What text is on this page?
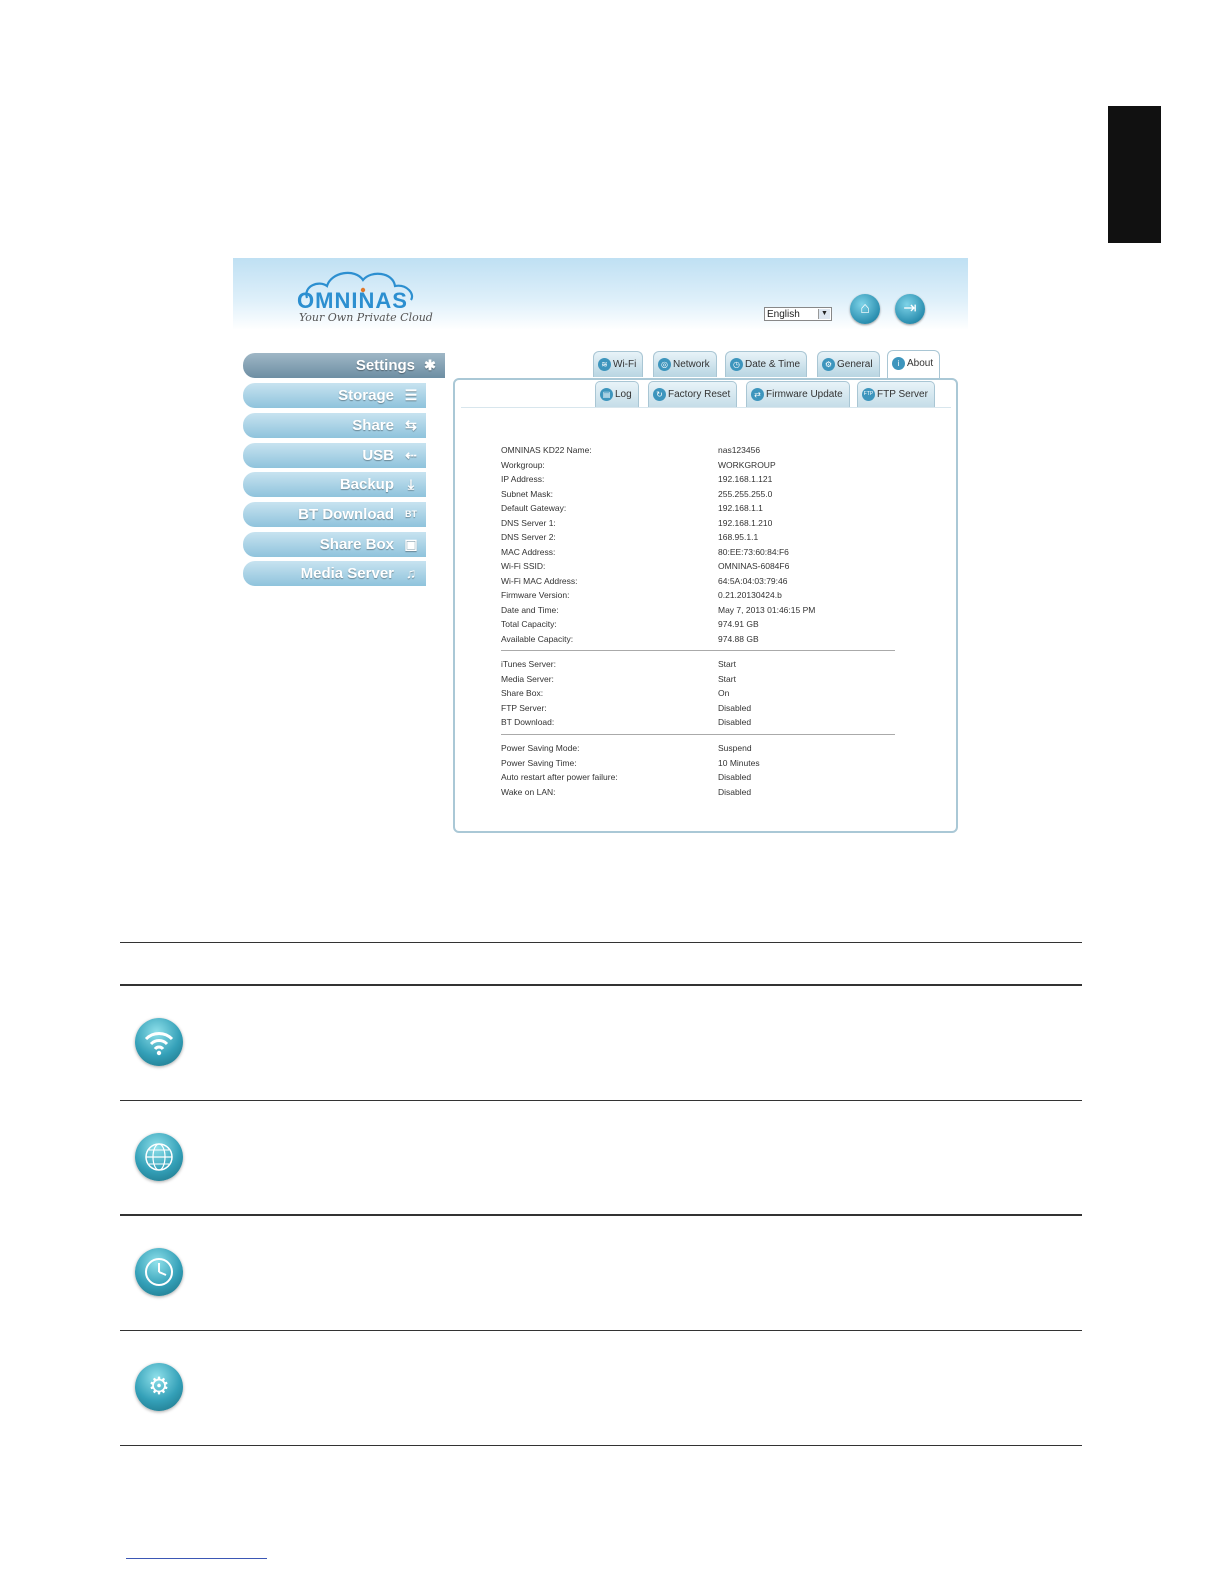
OMNINAS
Your Own Private Cloud	English	▼	⌂	⇥
Settings ✱
Storage ☰
Share ⇆
USB ⇠
Backup ⤓
BT Download	BT
Share Box ▣
Media Server ♫
≋ Wi-Fi	◎ Network	◷ Date & Time	⚙ General	i About
▤ Log	↻ Factory Reset	⇄ Firmware Update	FTP FTP Server
OMNINAS KD22 Name:	nas123456
Workgroup:	WORKGROUP
IP Address:	192.168.1.121
Subnet Mask:	255.255.255.0
Default Gateway:	192.168.1.1
DNS Server 1:	192.168.1.210
DNS Server 2:	168.95.1.1
MAC Address:	80:EE:73:60:84:F6
Wi-Fi SSID:	OMNINAS-6084F6
Wi-Fi MAC Address:	64:5A:04:03:79:46
Firmware Version:	0.21.20130424.b
Date and Time:	May 7, 2013 01:46:15 PM
Total Capacity:	974.91 GB
Available Capacity:	974.88 GB
iTunes Server:	Start
Media Server:	Start
Share Box:	On
FTP Server:	Disabled
BT Download:	Disabled
Power Saving Mode:	Suspend
Power Saving Time:	10 Minutes
Auto restart after power failure:	Disabled
Wake on LAN:	Disabled
⚙
